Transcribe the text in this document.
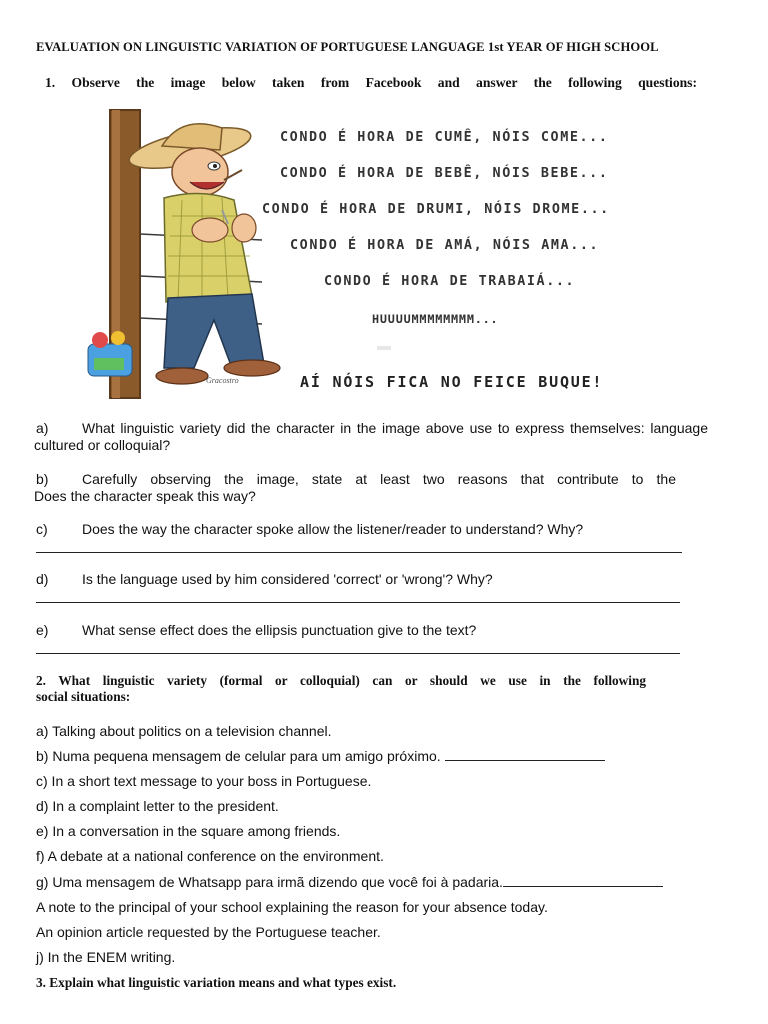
EVALUATION ON LINGUISTIC VARIATION OF PORTUGUESE LANGUAGE 1st YEAR OF HIGH SCHOOL
1. Observe the image below taken from Facebook and answer the following questions:
CONDO É HORA DE CUMÊ, NÓIS COME...
CONDO É HORA DE BEBÊ, NÓIS BEBE...
CONDO É HORA DE DRUMI, NÓIS DROME...
CONDO É HORA DE AMÁ, NÓIS AMA...
CONDO É HORA DE TRABAIÁ...
HUUUUMMMMMMMM...
AÍ NÓIS FICA NO FEICE BUQUE!
Gracostro
a) What linguistic variety did the character in the image above use to express themselves: language
cultured or colloquial?
b) Carefully observing the image, state at least two reasons that contribute to the
Does the character speak this way?
c) Does the way the character spoke allow the listener/reader to understand? Why?
d) Is the language used by him considered 'correct' or 'wrong'? Why?
e) What sense effect does the ellipsis punctuation give to the text?
2. What linguistic variety (formal or colloquial) can or should we use in the following
social situations:
a) Talking about politics on a television channel.
b) Numa pequena mensagem de celular para um amigo próximo.
c) In a short text message to your boss in Portuguese.
d) In a complaint letter to the president.
e) In a conversation in the square among friends.
f) A debate at a national conference on the environment.
g) Uma mensagem de Whatsapp para irmã dizendo que você foi à padaria.
A note to the principal of your school explaining the reason for your absence today.
An opinion article requested by the Portuguese teacher.
j) In the ENEM writing.
3. Explain what linguistic variation means and what types exist.
